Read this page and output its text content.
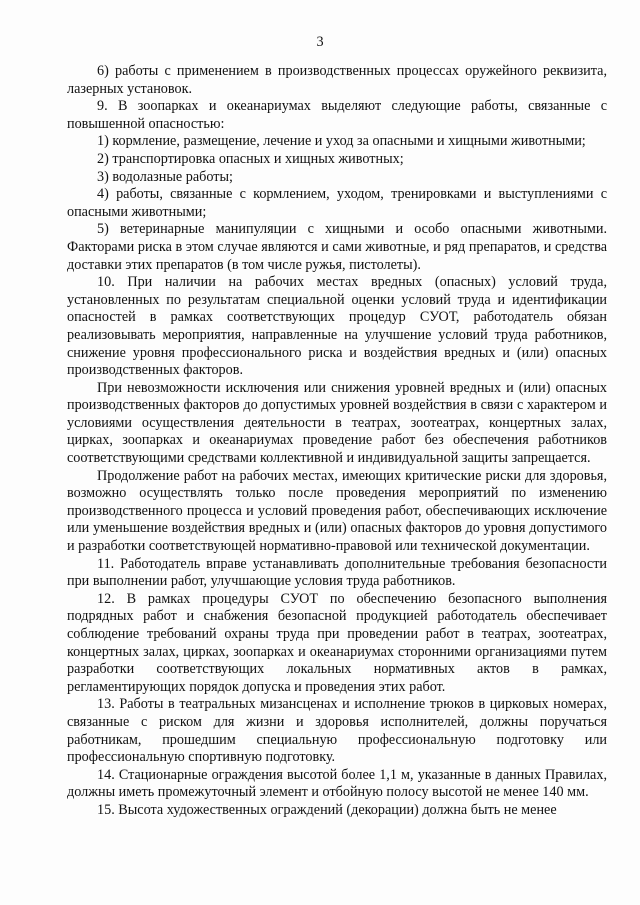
3

6) работы с применением в производственных процессах оружейного реквизита, лазерных установок.

9. В зоопарках и океанариумах выделяют следующие работы, связанные с повышенной опасностью:

1) кормление, размещение, лечение и уход за опасными и хищными животными;

2) транспортировка опасных и хищных животных;

3) водолазные работы;

4) работы, связанные с кормлением, уходом, тренировками и выступлениями с опасными животными;

5) ветеринарные манипуляции с хищными и особо опасными животными. Факторами риска в этом случае являются и сами животные, и ряд препаратов, и средства доставки этих препаратов (в том числе ружья, пистолеты).

10. При наличии на рабочих местах вредных (опасных) условий труда, установленных по результатам специальной оценки условий труда и идентификации опасностей в рамках соответствующих процедур СУОТ, работодатель обязан реализовывать мероприятия, направленные на улучшение условий труда работников, снижение уровня профессионального риска и воздействия вредных и (или) опасных производственных факторов.

При невозможности исключения или снижения уровней вредных и (или) опасных производственных факторов до допустимых уровней воздействия в связи с характером и условиями осуществления деятельности в театрах, зоотеатрах, концертных залах, цирках, зоопарках и океанариумах проведение работ без обеспечения работников соответствующими средствами коллективной и индивидуальной защиты запрещается.

Продолжение работ на рабочих местах, имеющих критические риски для здоровья, возможно осуществлять только после проведения мероприятий по изменению производственного процесса и условий проведения работ, обеспечивающих исключение или уменьшение воздействия вредных и (или) опасных факторов до уровня допустимого и разработки соответствующей нормативно-правовой или технической документации.

11. Работодатель вправе устанавливать дополнительные требования безопасности при выполнении работ, улучшающие условия труда работников.

12. В рамках процедуры СУОТ по обеспечению безопасного выполнения подрядных работ и снабжения безопасной продукцией работодатель обеспечивает соблюдение требований охраны труда при проведении работ в театрах, зоотеатрах, концертных залах, цирках, зоопарках и океанариумах сторонними организациями путем разработки соответствующих локальных нормативных актов в рамках, регламентирующих порядок допуска и проведения этих работ.

13. Работы в театральных мизансценах и исполнение трюков в цирковых номерах, связанные с риском для жизни и здоровья исполнителей, должны поручаться работникам, прошедшим специальную профессиональную подготовку или профессиональную спортивную подготовку.

14. Стационарные ограждения высотой более 1,1 м, указанные в данных Правилах, должны иметь промежуточный элемент и отбойную полосу высотой не менее 140 мм.

15. Высота художественных ограждений (декорации) должна быть не менее
